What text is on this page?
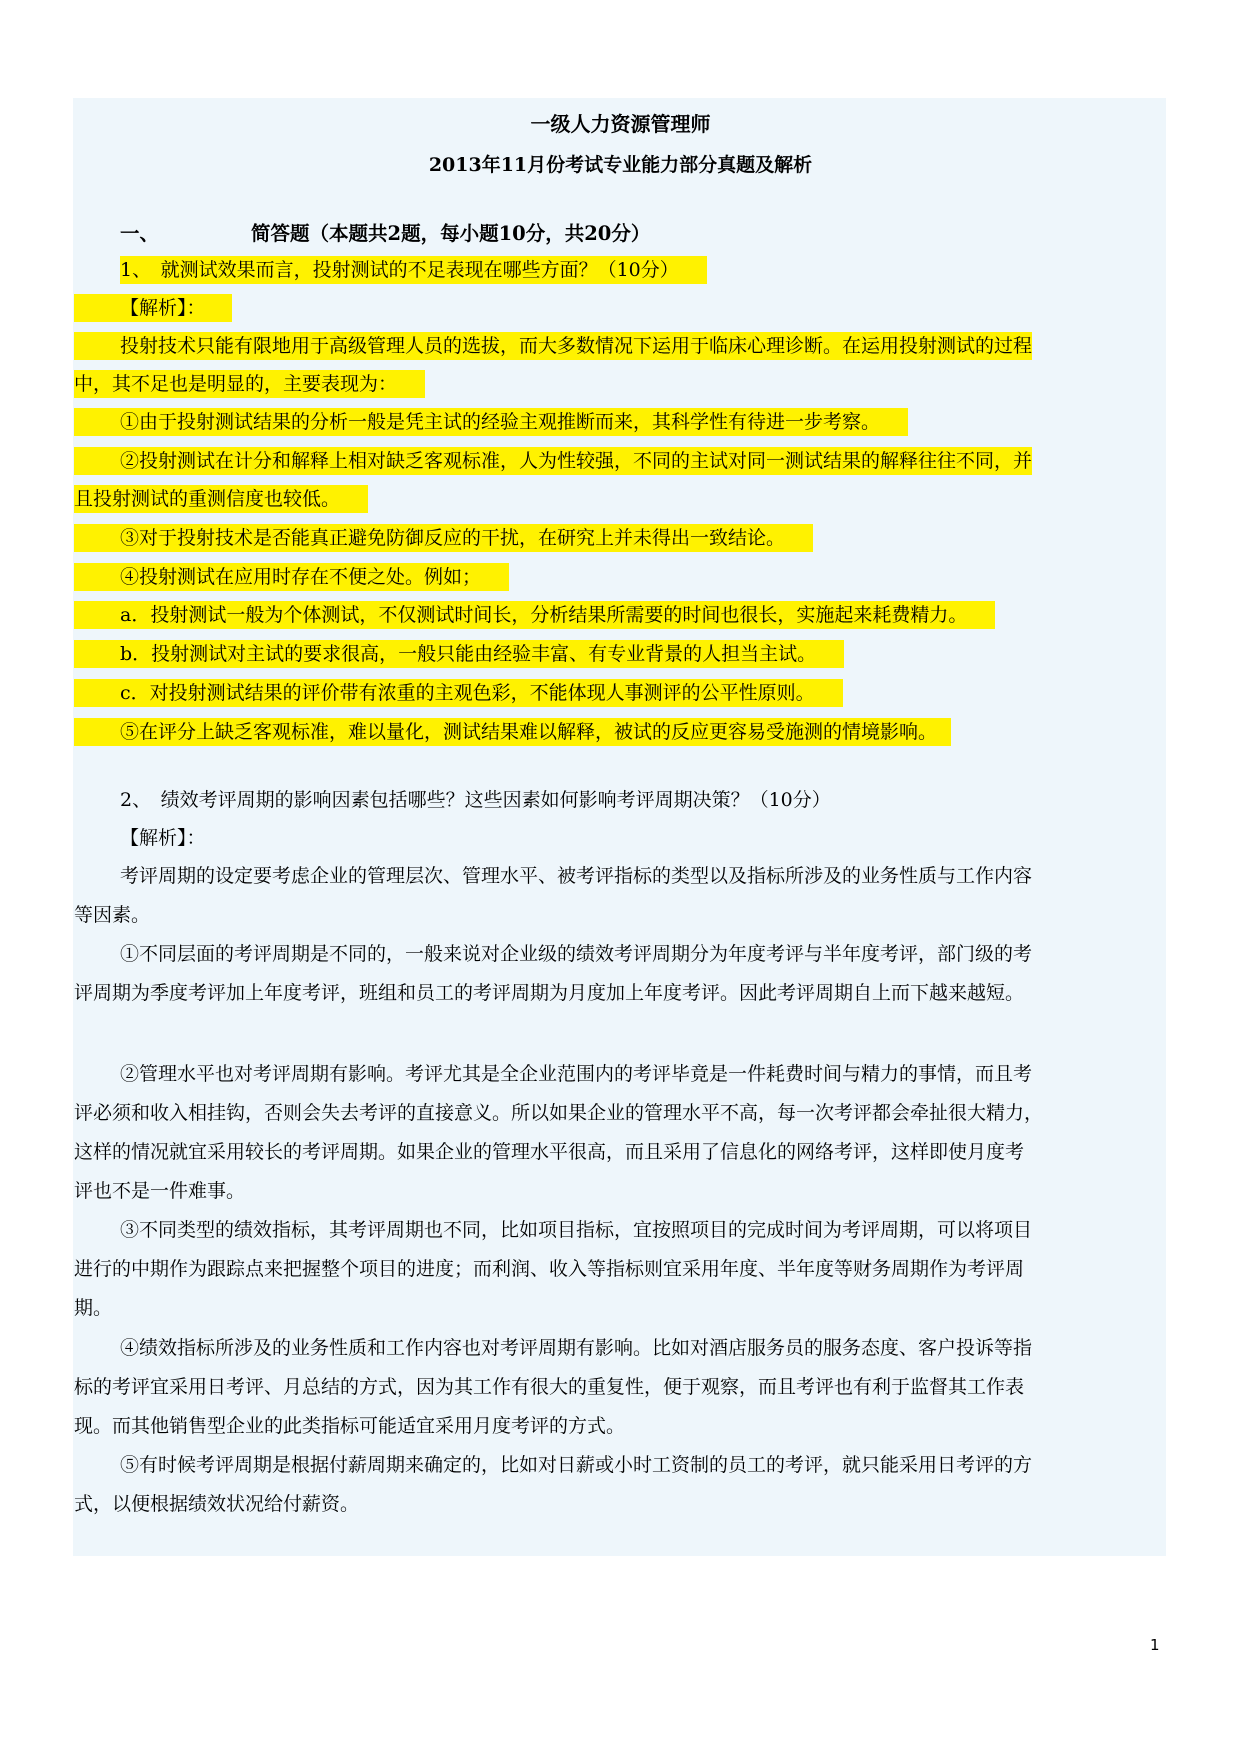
一级人力资源管理师
2013年11月份考试专业能力部分真题及解析
一、	简答题（本题共2题，每小题10分，共20分）
1、　就测试效果而言，投射测试的不足表现在哪些方面？（10分）
【解析】：
投射技术只能有限地用于高级管理人员的选拔，而大多数情况下运用于临床心理诊断。在运用投射测试的过程
中，其不足也是明显的，主要表现为：
①由于投射测试结果的分析一般是凭主试的经验主观推断而来，其科学性有待进一步考察。
②投射测试在计分和解释上相对缺乏客观标准，人为性较强，不同的主试对同一测试结果的解释往往不同，并
且投射测试的重测信度也较低。
③对于投射技术是否能真正避免防御反应的干扰，在研究上并未得出一致结论。
④投射测试在应用时存在不便之处。例如；
a．投射测试一般为个体测试，不仅测试时间长，分析结果所需要的时间也很长，实施起来耗费精力。
b．投射测试对主试的要求很高，一般只能由经验丰富、有专业背景的人担当主试。
c．对投射测试结果的评价带有浓重的主观色彩，不能体现人事测评的公平性原则。
⑤在评分上缺乏客观标准，难以量化，测试结果难以解释，被试的反应更容易受施测的情境影响。
2、　绩效考评周期的影响因素包括哪些？这些因素如何影响考评周期决策？（10分）
【解析】：
考评周期的设定要考虑企业的管理层次、管理水平、被考评指标的类型以及指标所涉及的业务性质与工作内容
等因素。
①不同层面的考评周期是不同的，一般来说对企业级的绩效考评周期分为年度考评与半年度考评，部门级的考
评周期为季度考评加上年度考评，班组和员工的考评周期为月度加上年度考评。因此考评周期自上而下越来越短。
②管理水平也对考评周期有影响。考评尤其是全企业范围内的考评毕竟是一件耗费时间与精力的事情，而且考
评必须和收入相挂钩，否则会失去考评的直接意义。所以如果企业的管理水平不高，每一次考评都会牵扯很大精力，
这样的情况就宜采用较长的考评周期。如果企业的管理水平很高，而且采用了信息化的网络考评，这样即使月度考
评也不是一件难事。
③不同类型的绩效指标，其考评周期也不同，比如项目指标，宜按照项目的完成时间为考评周期，可以将项目
进行的中期作为跟踪点来把握整个项目的进度；而利润、收入等指标则宜采用年度、半年度等财务周期作为考评周
期。
④绩效指标所涉及的业务性质和工作内容也对考评周期有影响。比如对酒店服务员的服务态度、客户投诉等指
标的考评宜采用日考评、月总结的方式，因为其工作有很大的重复性，便于观察，而且考评也有利于监督其工作表
现。而其他销售型企业的此类指标可能适宜采用月度考评的方式。
⑤有时候考评周期是根据付薪周期来确定的，比如对日薪或小时工资制的员工的考评，就只能采用日考评的方
式，以便根据绩效状况给付薪资。
1
